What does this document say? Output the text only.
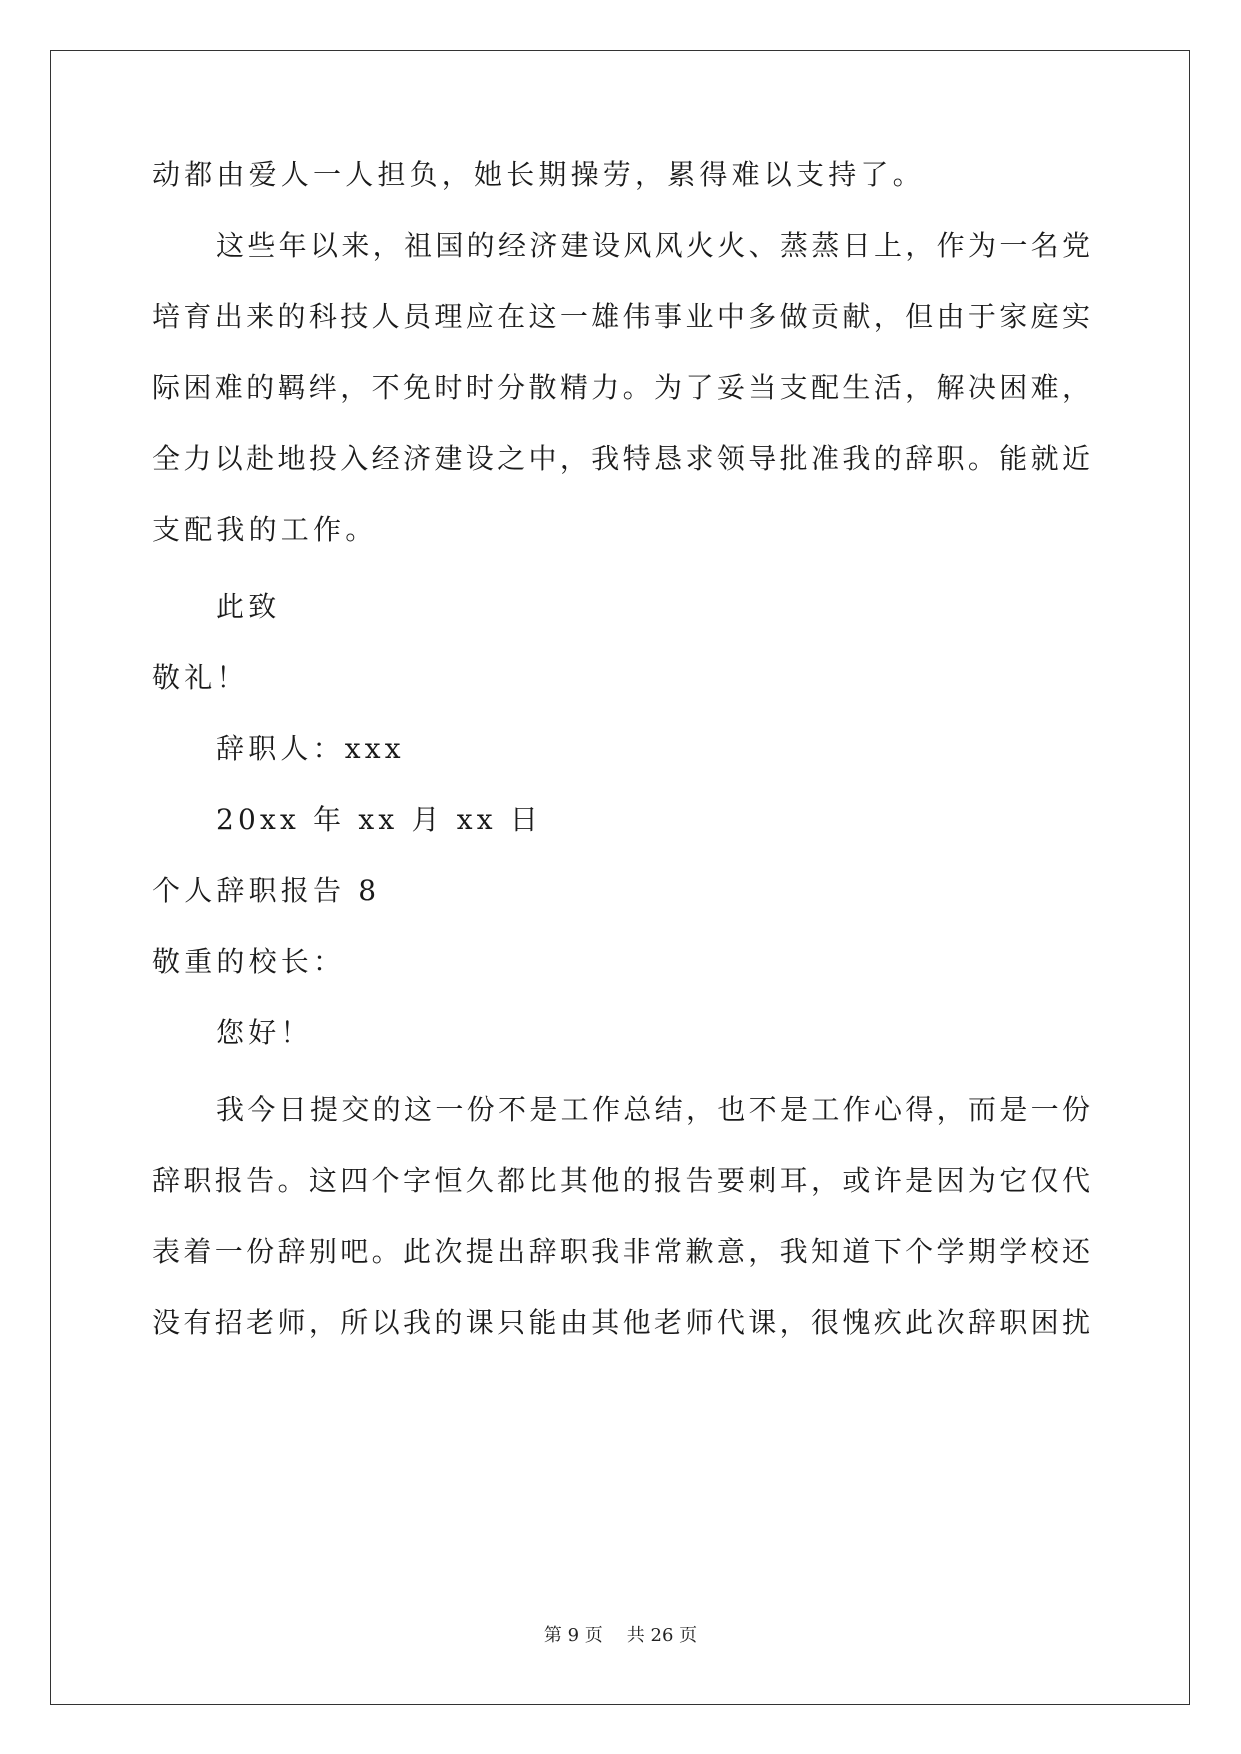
动都由爱人一人担负，她长期操劳，累得难以支持了。
这些年以来，祖国的经济建设风风火火、蒸蒸日上，作为一名党
培育出来的科技人员理应在这一雄伟事业中多做贡献，但由于家庭实
际困难的羁绊，不免时时分散精力。为了妥当支配生活，解决困难，
全力以赴地投入经济建设之中，我特恳求领导批准我的辞职。能就近
支配我的工作。
此致
敬礼！
辞职人：xxx
20xx 年 xx 月 xx 日
个人辞职报告 8
敬重的校长：
您好！
我今日提交的这一份不是工作总结，也不是工作心得，而是一份
辞职报告。这四个字恒久都比其他的报告要刺耳，或许是因为它仅代
表着一份辞别吧。此次提出辞职我非常歉意，我知道下个学期学校还
没有招老师，所以我的课只能由其他老师代课，很愧疚此次辞职困扰
第 9 页 共 26 页
